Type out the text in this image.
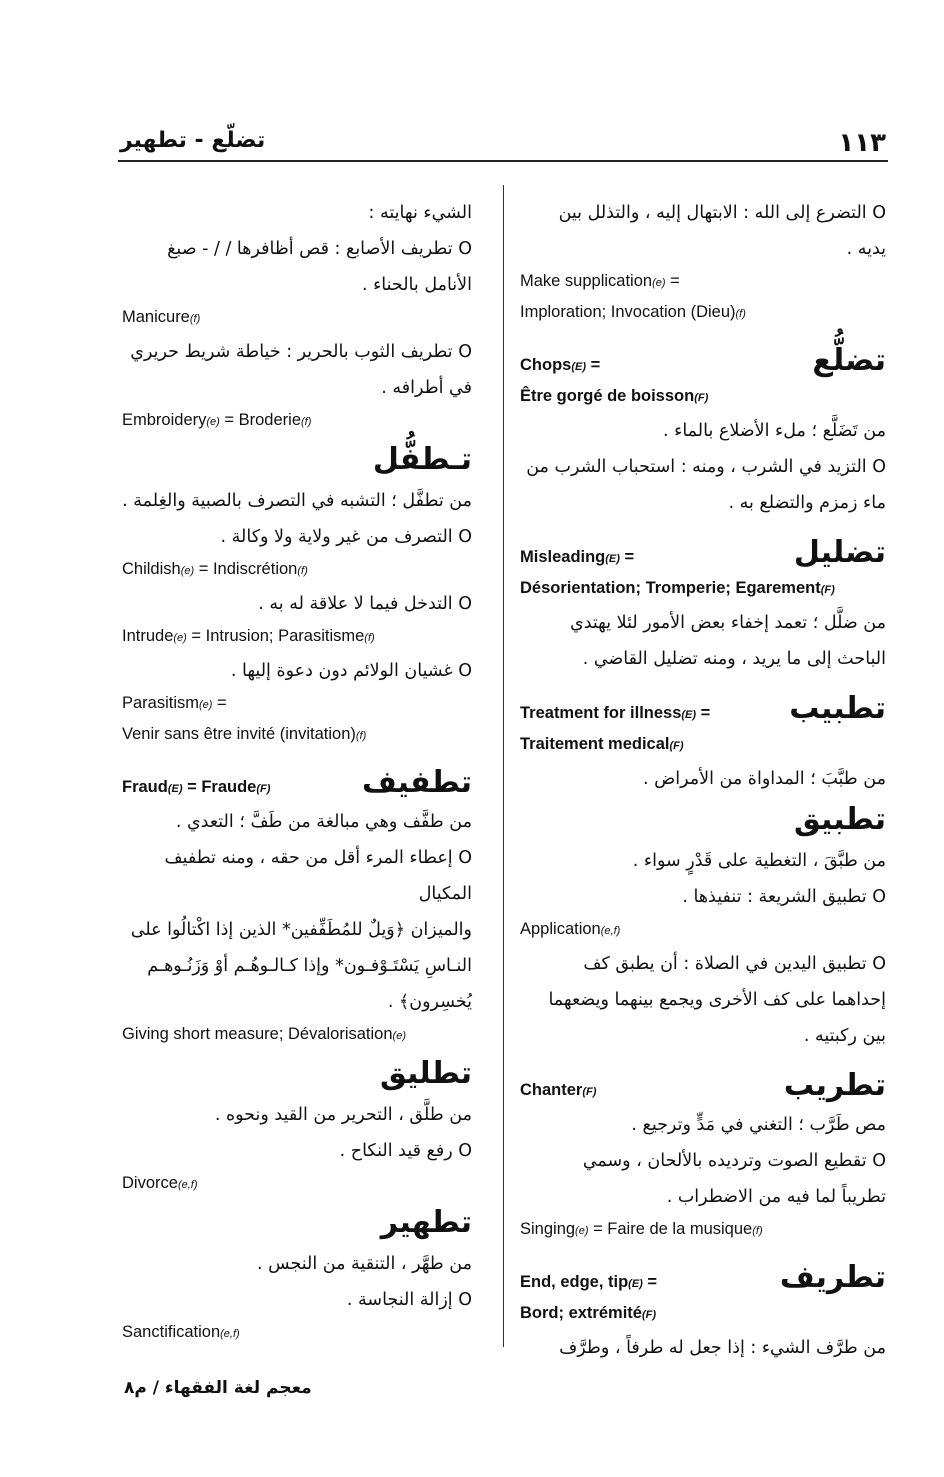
١١٣
تضلّع - تطهير
O التضرع إلى الله : الابتهال إليه ، والتذلل بين
يديه .
Make supplication(e) =
Imploration; Invocation (Dieu)(f)
Chops(E) =	تضلُّع
Être gorgé de boisson(F)
من تَضَلَّع ؛ ملء الأضلاع بالماء .
O التزيد في الشرب ، ومنه : استحباب الشرب من
ماء زمزم والتضلع به .
Misleading(E) =	تضليل
Désorientation; Tromperie; Egarement(F)
من ضلَّل ؛ تعمد إخفاء بعض الأمور لئلا يهتدي
الباحث إلى ما يريد ، ومنه تضليل القاضي .
Treatment for illness(E) =	تطبيب
Traitement medical(F)
من طبَّبَ ؛ المداواة من الأمراض .
تطبيق
من طبَّقَ ، التغطية على قَدْرٍ سواء .
O تطبيق الشريعة : تنفيذها .
Application(e,f)
O تطبيق اليدين في الصلاة : أن يطبق كف
إحداهما على كف الأخرى ويجمع بينهما ويضعهما
بين ركبتيه .
Chanter(F)	تطريب
مص طَرَّب ؛ التغني في مَدٍّ وترجيع .
O تقطيع الصوت وترديده بالألحان ، وسمي
تطريباً لما فيه من الاضطراب .
Singing(e) = Faire de la musique(f)
End, edge, tip(E) =	تطريف
Bord; extrémité(F)
من طرَّف الشيء : إذا جعل له طرفاً ، وطرَّف
الشيء نهايته :
O تطريف الأصابع : قص أظافرها / / - صبغ
الأنامل بالحناء .
Manicure(f)
O تطريف الثوب بالحرير : خياطة شريط حريري
في أطرافه .
Embroidery(e) = Broderie(f)
تـطفُّل
من تطفَّل ؛ التشبه في التصرف بالصبية والغِلمة .
O التصرف من غير ولاية ولا وكالة .
Childish(e) = Indiscrétion(f)
O التدخل فيما لا علاقة له به .
Intrude(e) = Intrusion; Parasitisme(f)
O غشيان الولائم دون دعوة إليها .
Parasitism(e) =
Venir sans être invité (invitation)(f)
Fraud(E) = Fraude(F)	تطفيف
من طفَّف وهي مبالغة من طَفَّ ؛ التعدي .
O إعطاء المرء أقل من حقه ، ومنه تطفيف المكيال
والميزان ﴿وَيلٌ للمُطَفِّفين* الذين إذا اكْتالُوا على
النـاسِ يَسْتَـوْفـون* وإذا كـالـوهُـم أوْ وَزَنُـوهـم
يُخسِرون﴾ .
Giving short measure; Dévalorisation(e)
تطليق
من طلَّق ، التحرير من القيد ونحوه .
O رفع قيد النكاح .
Divorce(e,f)
تطهير
من طهَّر ، التنقية من النجس .
O إزالة النجاسة .
Sanctification(e,f)
معجم لغة الفقهاء / م٨
